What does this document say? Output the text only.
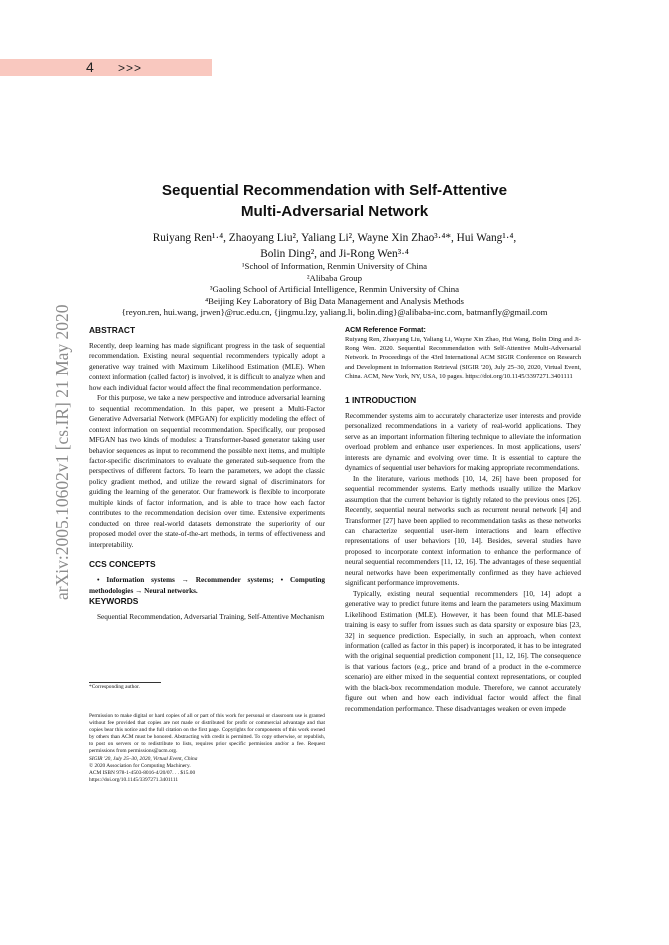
4 >>>
arXiv:2005.10602v1 [cs.IR] 21 May 2020
Sequential Recommendation with Self-Attentive
Multi-Adversarial Network
Ruiyang Ren¹·⁴, Zhaoyang Liu², Yaliang Li², Wayne Xin Zhao³·⁴*, Hui Wang¹·⁴,
Bolin Ding², and Ji-Rong Wen³·⁴
¹School of Information, Renmin University of China
²Alibaba Group
³Gaoling School of Artificial Intelligence, Renmin University of China
⁴Beijing Key Laboratory of Big Data Management and Analysis Methods
{reyon.ren, hui.wang, jrwen}@ruc.edu.cn, {jingmu.lzy, yaliang.li, bolin.ding}@alibaba-inc.com, batmanfly@gmail.com

ABSTRACT

Recently, deep learning has made significant progress in the task of sequential recommendation. Existing neural sequential recommenders typically adopt a generative way trained with Maximum Likelihood Estimation (MLE). When context information (called factor) is involved, it is difficult to analyze when and how each individual factor would affect the final recommendation performance.

For this purpose, we take a new perspective and introduce adversarial learning to sequential recommendation. In this paper, we present a Multi-Factor Generative Adversarial Network (MFGAN) for explicitly modeling the effect of context information on sequential recommendation. Specifically, our proposed MFGAN has two kinds of modules: a Transformer-based generator taking user behavior sequences as input to recommend the possible next items, and multiple factor-specific discriminators to evaluate the generated sub-sequence from the perspectives of different factors. To learn the parameters, we adopt the classic policy gradient method, and utilize the reward signal of discriminators for guiding the learning of the generator. Our framework is flexible to incorporate multiple kinds of factor information, and is able to trace how each factor contributes to the recommendation decision over time. Extensive experiments conducted on three real-world datasets demonstrate the superiority of our proposed model over the state-of-the-art methods, in terms of effectiveness and interpretability.

CCS CONCEPTS

• Information systems → Recommender systems; • Computing methodologies → Neural networks.

KEYWORDS

Sequential Recommendation, Adversarial Training, Self-Attentive Mechanism

*Corresponding author.

Permission to make digital or hard copies of all or part of this work for personal or classroom use is granted without fee provided that copies are not made or distributed for profit or commercial advantage and that copies bear this notice and the full citation on the first page. Copyrights for components of this work owned by others than ACM must be honored. Abstracting with credit is permitted. To copy otherwise, or republish, to post on servers or to redistribute to lists, requires prior specific permission and/or a fee. Request permissions from permissions@acm.org.

SIGIR '20, July 25–30, 2020, Virtual Event, China

© 2020 Association for Computing Machinery.

ACM ISBN 978-1-4503-8016-4/20/07. . . $15.00

https://doi.org/10.1145/3397271.3401111

ACM Reference Format:

Ruiyang Ren, Zhaoyang Liu, Yaliang Li, Wayne Xin Zhao, Hui Wang, Bolin Ding and Ji-Rong Wen. 2020. Sequential Recommendation with Self-Attentive Multi-Adversarial Network. In Proceedings of the 43rd International ACM SIGIR Conference on Research and Development in Information Retrieval (SIGIR '20), July 25–30, 2020, Virtual Event, China. ACM, New York, NY, USA, 10 pages. https://doi.org/10.1145/3397271.3401111

1 INTRODUCTION

Recommender systems aim to accurately characterize user interests and provide personalized recommendations in a variety of real-world applications. They serve as an important information filtering technique to alleviate the information overload problem and enhance user experiences. In most applications, users' interests are dynamic and evolving over time. It is essential to capture the dynamics of sequential user behaviors for making appropriate recommendations.

In the literature, various methods [10, 14, 26] have been proposed for sequential recommender systems. Early methods usually utilize the Markov assumption that the current behavior is tightly related to the previous ones [26]. Recently, sequential neural networks such as recurrent neural network [4] and Transformer [27] have been applied to recommendation tasks as these networks can characterize sequential user-item interactions and learn effective representations of user behaviors [10, 14]. Besides, several studies have proposed to incorporate context information to enhance the performance of neural sequential recommenders [11, 12, 16]. The advantages of these sequential neural networks have been experimentally confirmed as they have achieved significant performance improvements.

Typically, existing neural sequential recommenders [10, 14] adopt a generative way to predict future items and learn the parameters using Maximum Likelihood Estimation (MLE). However, it has been found that MLE-based training is easy to suffer from issues such as data sparsity or exposure bias [23, 32] in sequence prediction. Especially, in such an approach, when context information (called as factor in this paper) is incorporated, it has to be integrated with the original sequential prediction component [11, 12, 16]. The consequence is that various factors (e.g., price and brand of a product in the e-commerce scenario) are either mixed in the sequential context representations, or coupled with the black-box recommendation module. Therefore, we cannot accurately figure out when and how each individual factor would affect the final recommendation performance. These disadvantages weaken or even impede
